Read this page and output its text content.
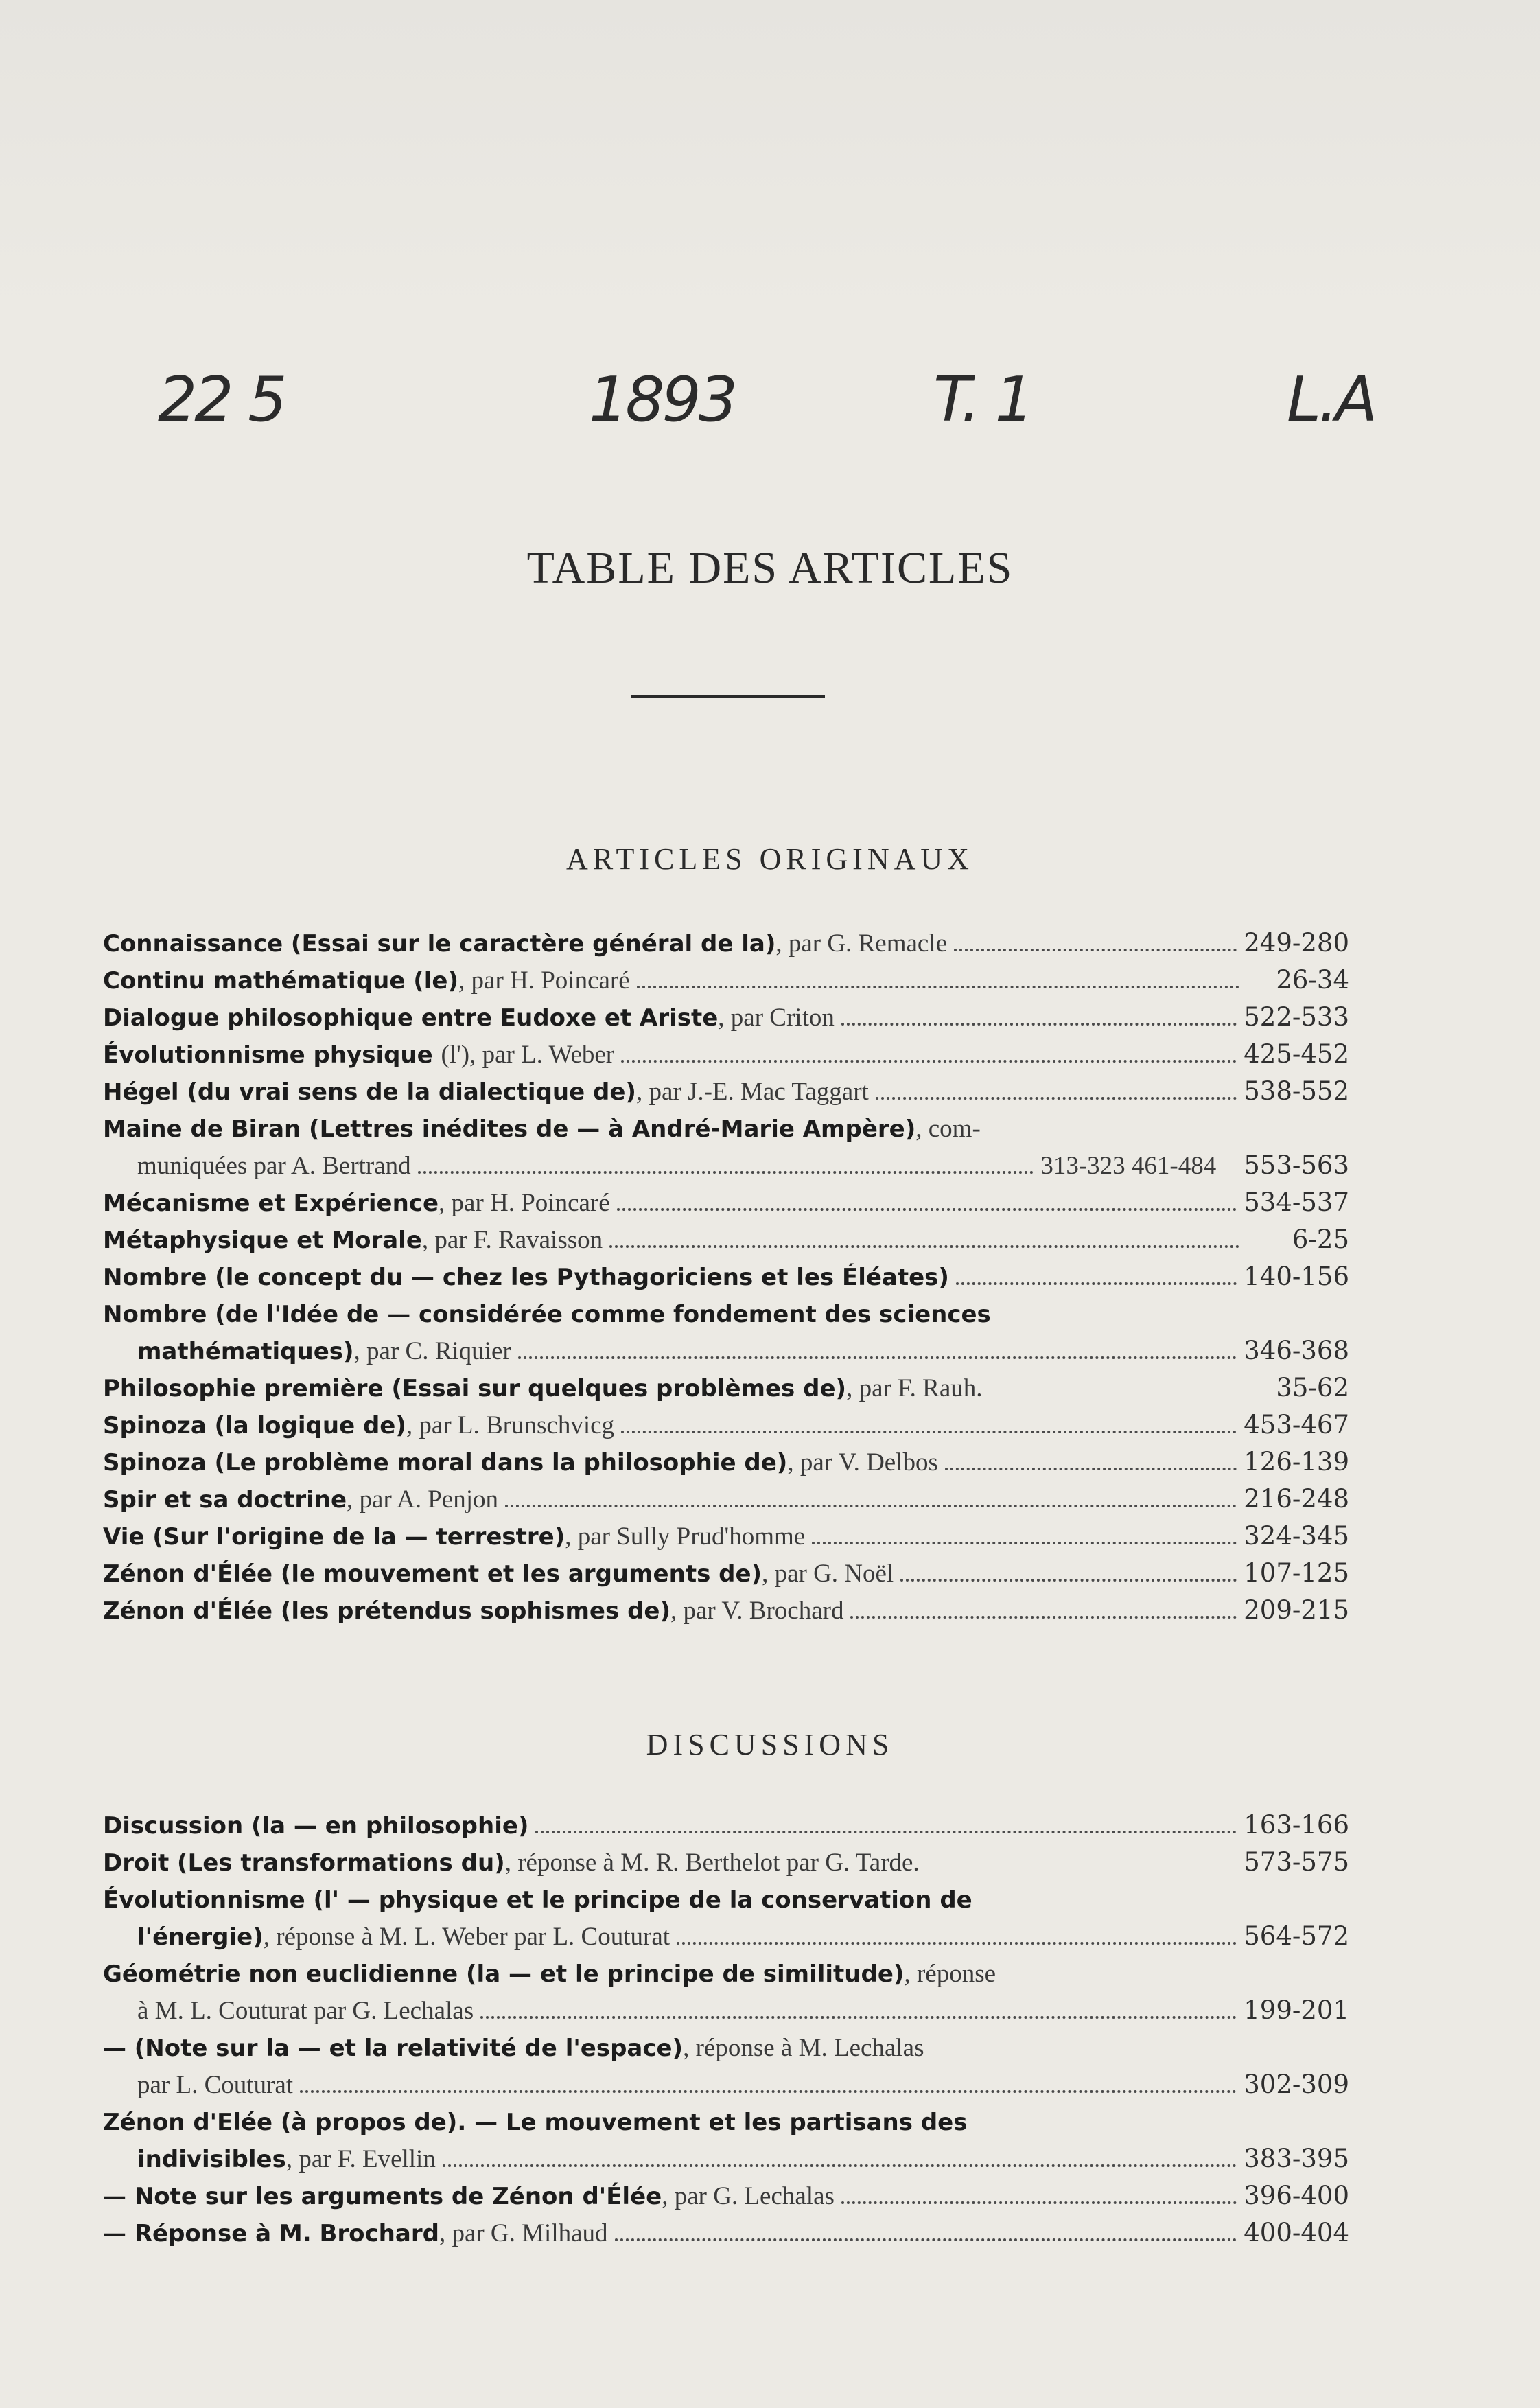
22 5	1893	T. 1	L.A
TABLE DES ARTICLES
ARTICLES ORIGINAUX
Connaissance (Essai sur le caractère général de la), par G. Remacle	249-280
Continu mathématique (le), par H. Poincaré	26-34
Dialogue philosophique entre Eudoxe et Ariste, par Criton	522-533
Évolutionnisme physique (l'), par L. Weber	425-452
Hégel (du vrai sens de la dialectique de), par J.-E. Mac Taggart	538-552
Maine de Biran (Lettres inédites de — à André-Marie Ampère), com-
muniquées par A. Bertrand	313-323 461-484 553-563
Mécanisme et Expérience, par H. Poincaré	534-537
Métaphysique et Morale, par F. Ravaisson	6-25
Nombre (le concept du — chez les Pythagoriciens et les Éléates)	140-156
Nombre (de l'Idée de — considérée comme fondement des sciences
mathématiques), par C. Riquier	346-368
Philosophie première (Essai sur quelques problèmes de), par F. Rauh.	35-62
Spinoza (la logique de), par L. Brunschvicg	453-467
Spinoza (Le problème moral dans la philosophie de), par V. Delbos	126-139
Spir et sa doctrine, par A. Penjon	216-248
Vie (Sur l'origine de la — terrestre), par Sully Prud'homme	324-345
Zénon d'Élée (le mouvement et les arguments de), par G. Noël	107-125
Zénon d'Élée (les prétendus sophismes de), par V. Brochard	209-215
DISCUSSIONS
Discussion (la — en philosophie)	163-166
Droit (Les transformations du), réponse à M. R. Berthelot par G. Tarde.	573-575
Évolutionnisme (l' — physique et le principe de la conservation de
l'énergie), réponse à M. L. Weber par L. Couturat	564-572
Géométrie non euclidienne (la — et le principe de similitude), réponse
à M. L. Couturat par G. Lechalas	199-201
— (Note sur la — et la relativité de l'espace), réponse à M. Lechalas
par L. Couturat	302-309
Zénon d'Elée (à propos de). — Le mouvement et les partisans des
indivisibles, par F. Evellin	383-395
— Note sur les arguments de Zénon d'Élée, par G. Lechalas	396-400
— Réponse à M. Brochard, par G. Milhaud	400-404
